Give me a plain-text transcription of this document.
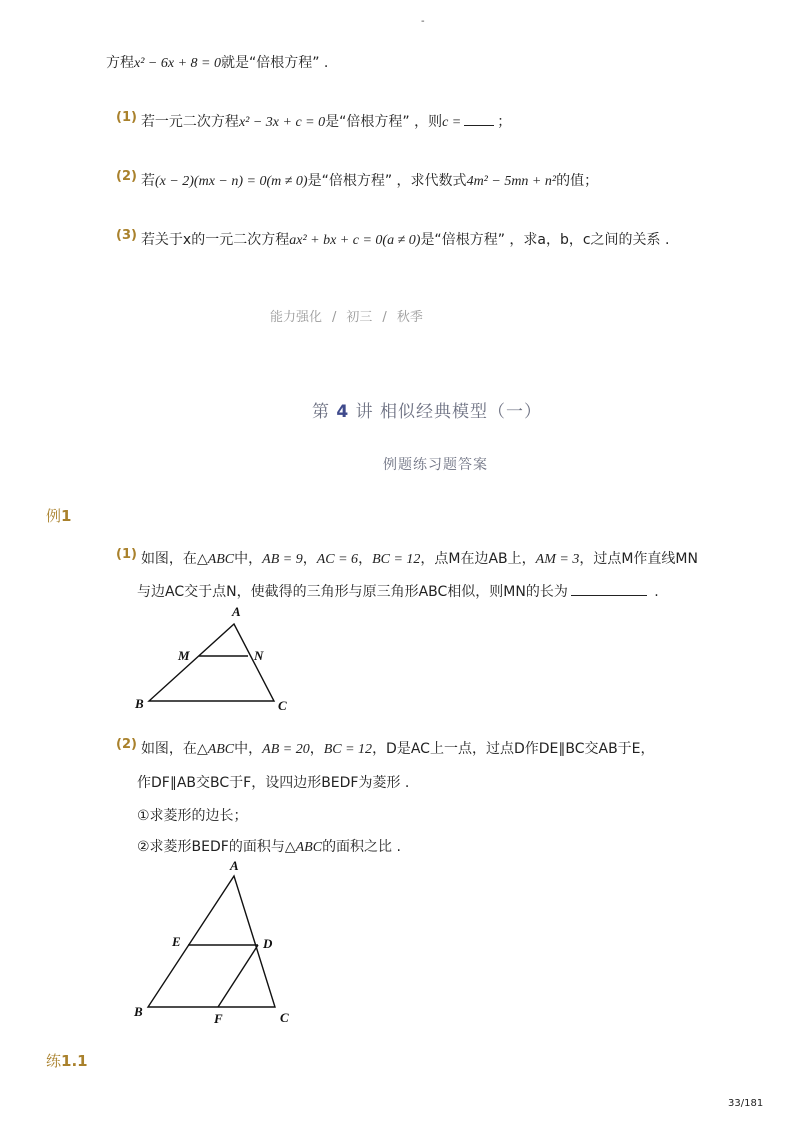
-
方程x² − 6x + 8 = 0就是“倍根方程” .
(1) 若一元二次方程x² − 3x + c = 0是“倍根方程” ，则c =	；
(2) 若(x − 2)(mx − n) = 0(m ≠ 0)是“倍根方程” ，求代数式4m² − 5mn + n²的值；
(3) 若关于x的一元二次方程ax² + bx + c = 0(a ≠ 0)是“倍根方程” ，求a，b，c之间的关系 .
能力强化 / 初三 / 秋季
第 4 讲 相似经典模型（一）
例题练习题答案
例1
(1) 如图，在△ABC中，AB = 9，AC = 6，BC = 12，点M在边AB上，AM = 3，过点M作直线MN
与边AC交于点N，使截得的三角形与原三角形ABC相似，则MN的长为	.
A
M	N
B	C
(2) 如图，在△ABC中，AB = 20，BC = 12，D是AC上一点，过点D作DE∥BC交AB于E，
作DF∥AB交BC于F，设四边形BEDF为菱形 .
①求菱形的边长；
②求菱形BEDF的面积与△ABC的面积之比 .
A
E	D
B	F	C
练1.1
33/181
